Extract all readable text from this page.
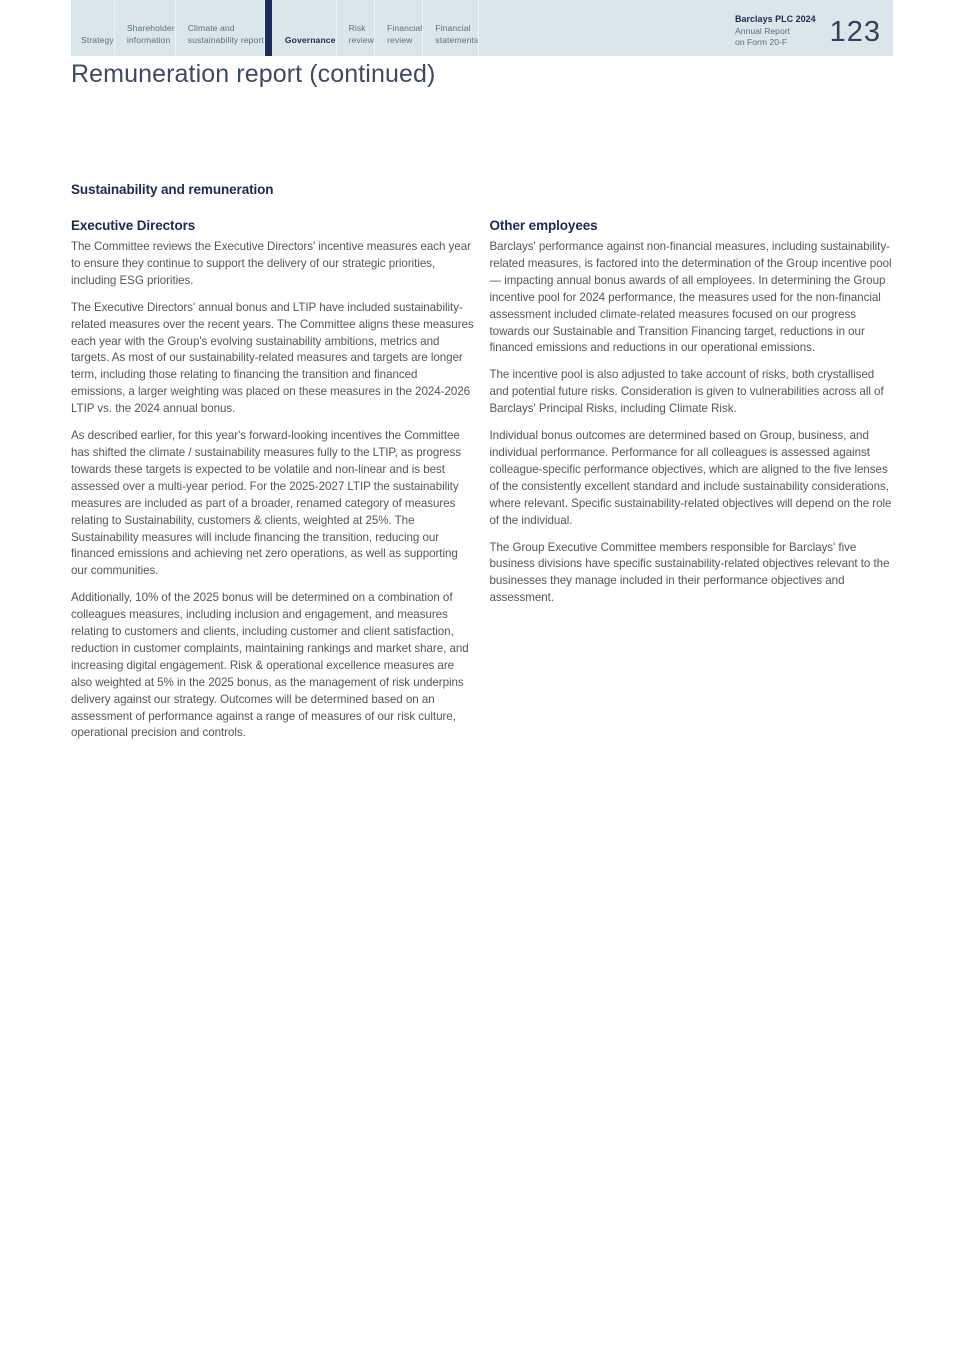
Strategy
Shareholder
information
Climate and
sustainability report Governance
Risk
review
Financial
review
Financial
statements
Barclays PLC 2024
Annual Report
on Form 20-F	123
Remuneration report (continued)
Sustainability and remuneration
Executive Directors

The Committee reviews the Executive Directors' incentive measures each year to ensure they continue to support the delivery of our strategic priorities, including ESG priorities.

The Executive Directors' annual bonus and LTIP have included sustainability-related measures over the recent years. The Committee aligns these measures each year with the Group's evolving sustainability ambitions, metrics and targets. As most of our sustainability-related measures and targets are longer term, including those relating to financing the transition and financed emissions, a larger weighting was placed on these measures in the 2024-2026 LTIP vs. the 2024 annual bonus.

As described earlier, for this year's forward-looking incentives the Committee has shifted the climate / sustainability measures fully to the LTIP, as progress towards these targets is expected to be volatile and non-linear and is best assessed over a multi-year period. For the 2025-2027 LTIP the sustainability measures are included as part of a broader, renamed category of measures relating to Sustainability, customers & clients, weighted at 25%. The Sustainability measures will include financing the transition, reducing our financed emissions and achieving net zero operations, as well as supporting our communities.

Additionally, 10% of the 2025 bonus will be determined on a combination of colleagues measures, including inclusion and engagement, and measures relating to customers and clients, including customer and client satisfaction, reduction in customer complaints, maintaining rankings and market share, and increasing digital engagement. Risk & operational excellence measures are also weighted at 5% in the 2025 bonus, as the management of risk underpins delivery against our strategy. Outcomes will be determined based on an assessment of performance against a range of measures of our risk culture, operational precision and controls.

Other employees

Barclays' performance against non-financial measures, including sustainability-related measures, is factored into the determination of the Group incentive pool — impacting annual bonus awards of all employees. In determining the Group incentive pool for 2024 performance, the measures used for the non-financial assessment included climate-related measures focused on our progress towards our Sustainable and Transition Financing target, reductions in our financed emissions and reductions in our operational emissions.

The incentive pool is also adjusted to take account of risks, both crystallised and potential future risks. Consideration is given to vulnerabilities across all of Barclays' Principal Risks, including Climate Risk.

Individual bonus outcomes are determined based on Group, business, and individual performance. Performance for all colleagues is assessed against colleague-specific performance objectives, which are aligned to the five lenses of the consistently excellent standard and include sustainability considerations, where relevant. Specific sustainability-related objectives will depend on the role of the individual.

The Group Executive Committee members responsible for Barclays' five business divisions have specific sustainability-related objectives relevant to the businesses they manage included in their performance objectives and assessment.
